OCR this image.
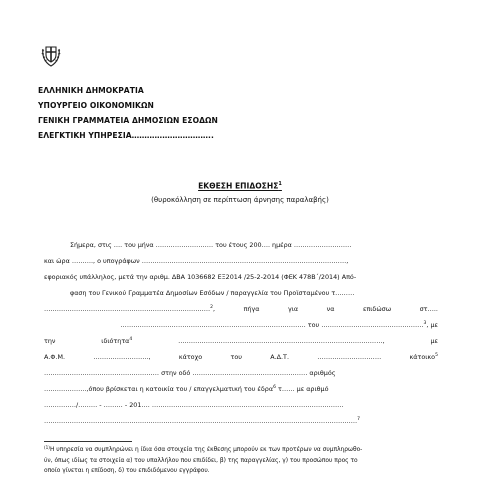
ΕΛΛΗΝΙΚΗ ΔΗΜΟΚΡΑΤΙΑ
ΥΠΟΥΡΓΕΙΟ ΟΙΚΟΝΟΜΙΚΩΝ
ΓΕΝΙΚΗ ΓΡΑΜΜΑΤΕΙΑ ΔΗΜΟΣΙΩΝ ΕΣΟΔΩΝ
ΕΛΕΓΚΤΙΚΗ ΥΠΗΡΕΣΙΑ…………………………..
ΕΚΘΕΣΗ ΕΠΙΔΟΣΗΣ$^1$
(θυροκόλληση σε περίπτωση άρνησης παραλαβής)
Σήμερα, στις …. του μήνα ……………………… του έτους 200…. ημέρα ………………………
και ώρα ………., ο υπογράφων ……………………………………………………………………………………,
εφοριακός υπάλληλος, μετά την αριθμ. ΔΒΑ 1036682 ΕΞ2014 /25-2-2014 (ΦΕΚ 478Β΄/2014) Από-
φαση του Γενικού Γραμματέα Δημοσίων Εσόδων / παραγγελία του Προϊσταμένου τ………
……………………………………………………………………$^2$,	πήγα	για	να	επιδώσω	στ…..
…………………………………………………………………………… του …………………………………………$^3$, με
την	ιδιότητα$^4$	……………………………………………………………………………………,	με
Α.Φ.Μ.	……………………..,	κάτοχο	του	Α.Δ.Τ.	…………………………	κάτοικο$^5$
……………………………………………… στην οδό ……………………………………………… αριθμός
………………..,όπου βρίσκεται η κατοικία του / επαγγελματική του έδρα$^6$ τ…… με αριθμό
……………/……… - ……… - 201…. ………………………………………………………………………………
…………………………………………………………………………………………………………………………………$^7$
$^{(1)}$Η υπηρεσία να συμπληρώνει η ίδια όσα στοιχεία της έκθεσης μπορούν εκ των προτέρων να συμπληρωθο-
ύν, όπως ιδίως τα στοιχεία α) του υπαλλήλου που επιδίδει, β) της παραγγελίας, γ) του προσώπου προς το
οποίο γίνεται η επίδοση, δ) του επιδιδόμενου εγγράφου.
